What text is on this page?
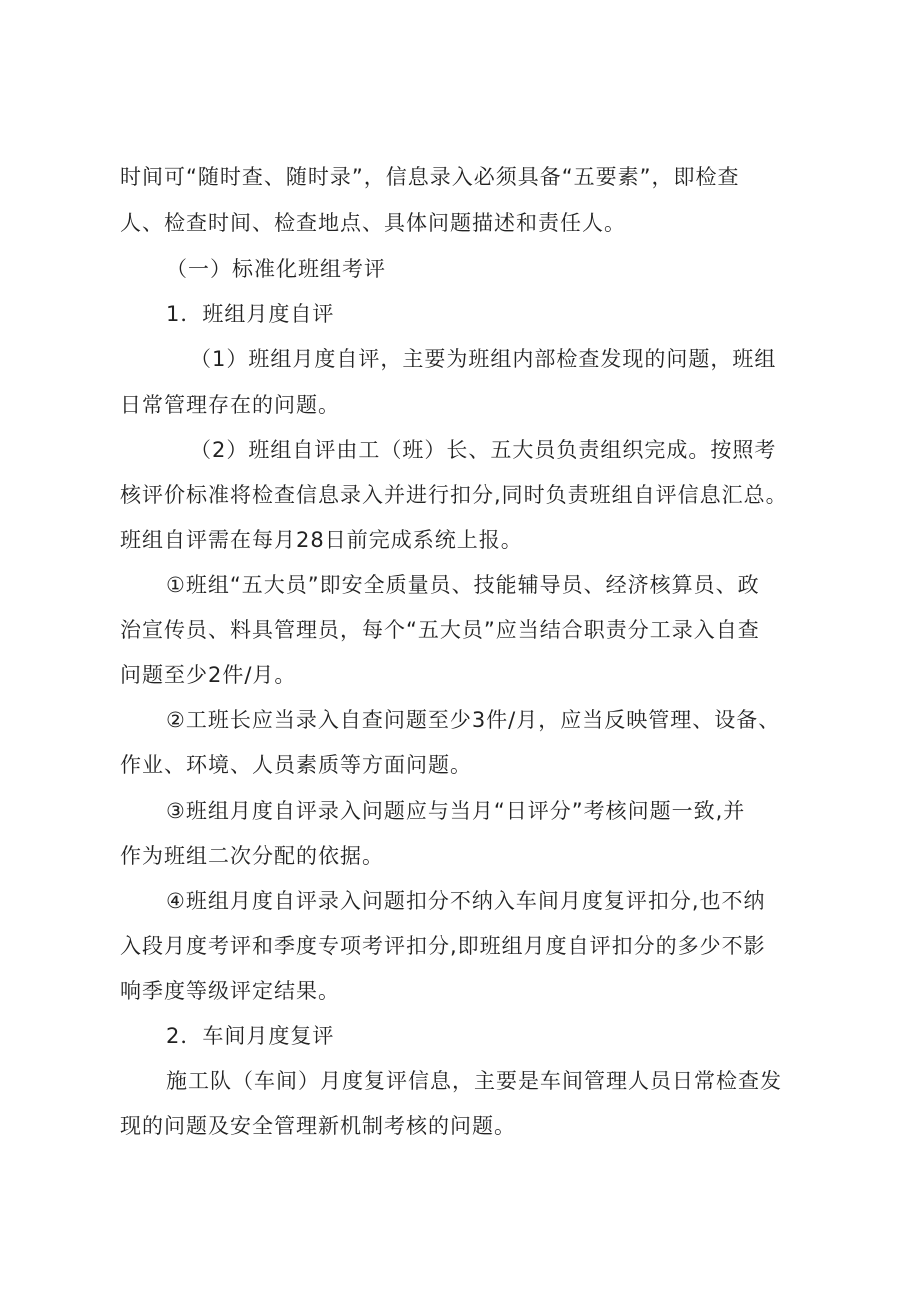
时间可“随时查、随时录”，信息录入必须具备“五要素”，即检查
人、检查时间、检查地点、具体问题描述和责任人。
（一）标准化班组考评
1．班组月度自评
（1）班组月度自评，主要为班组内部检查发现的问题，班组
日常管理存在的问题。
（2）班组自评由工（班）长、五大员负责组织完成。按照考
核评价标准将检查信息录入并进行扣分,同时负责班组自评信息汇总。
班组自评需在每月28日前完成系统上报。
①班组“五大员”即安全质量员、技能辅导员、经济核算员、政
治宣传员、料具管理员，每个“五大员”应当结合职责分工录入自查
问题至少2件/月。
②工班长应当录入自查问题至少3件/月，应当反映管理、设备、
作业、环境、人员素质等方面问题。
③班组月度自评录入问题应与当月“日评分”考核问题一致,并
作为班组二次分配的依据。
④班组月度自评录入问题扣分不纳入车间月度复评扣分,也不纳
入段月度考评和季度专项考评扣分,即班组月度自评扣分的多少不影
响季度等级评定结果。
2．车间月度复评
施工队（车间）月度复评信息，主要是车间管理人员日常检查发
现的问题及安全管理新机制考核的问题。
